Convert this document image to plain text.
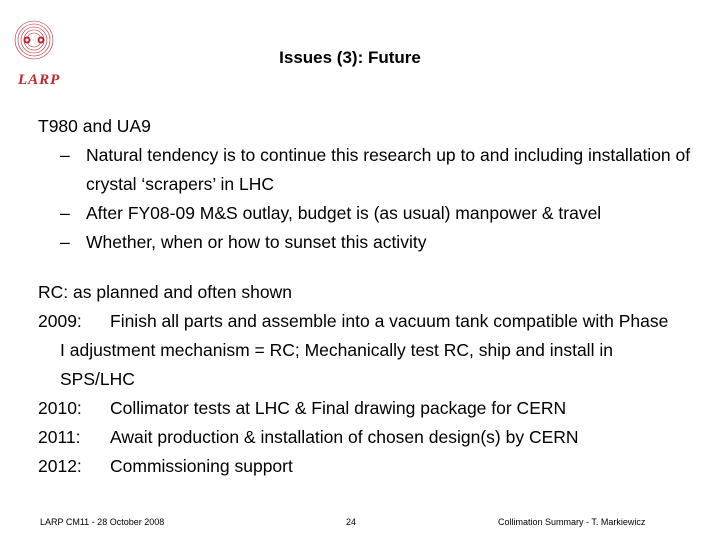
LARP
Issues (3): Future

T980 and UA9

– Natural tendency is to continue this research up to and including installation of crystal ‘scrapers’ in LHC
– After FY08-09 M&S outlay, budget is (as usual) manpower & travel
– Whether, when or how to sunset this activity

RC: as planned and often shown

2009: Finish all parts and assemble into a vacuum tank compatible with Phase I adjustment mechanism = RC; Mechanically test RC, ship and install in SPS/LHC

2010: Collimator tests at LHC & Final drawing package for CERN

2011: Await production & installation of chosen design(s) by CERN

2012: Commissioning support

LARP CM11 - 28 October 2008	24	Collimation Summary - T. Markiewicz
